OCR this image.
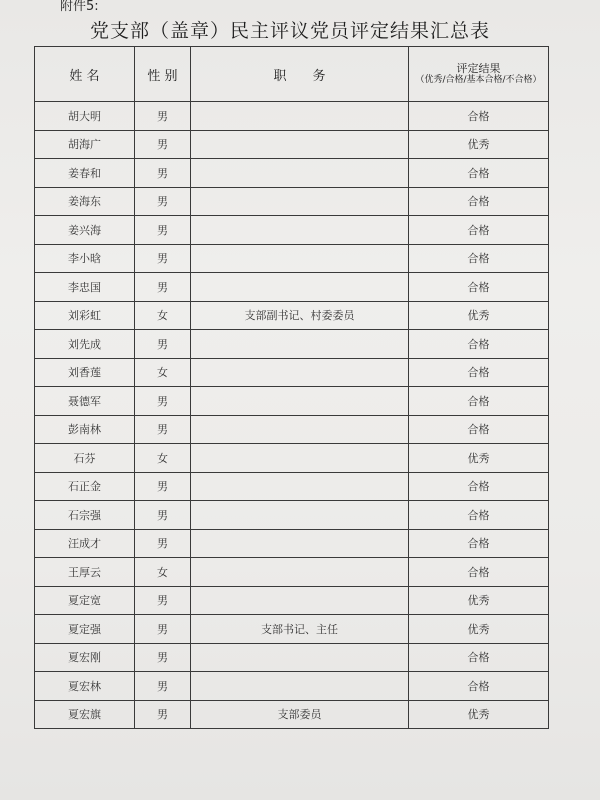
附件5:
党支部（盖章）民主评议党员评定结果汇总表
姓 名	性 别	职　　务	评定结果
（优秀/合格/基本合格/不合格）

胡大明	男		合格
胡海广	男		优秀
姜春和	男		合格
姜海东	男		合格
姜兴海	男		合格
李小晗	男		合格
李忠国	男		合格
刘彩虹	女	支部副书记、村委委员	优秀
刘先成	男		合格
刘香莲	女		合格
聂德军	男		合格
彭南林	男		合格
石芬	女		优秀
石正金	男		合格
石宗强	男		合格
汪成才	男		合格
王厚云	女		合格
夏定宽	男		优秀
夏定强	男	支部书记、主任	优秀
夏宏刚	男		合格
夏宏林	男		合格
夏宏旗	男	支部委员	优秀
